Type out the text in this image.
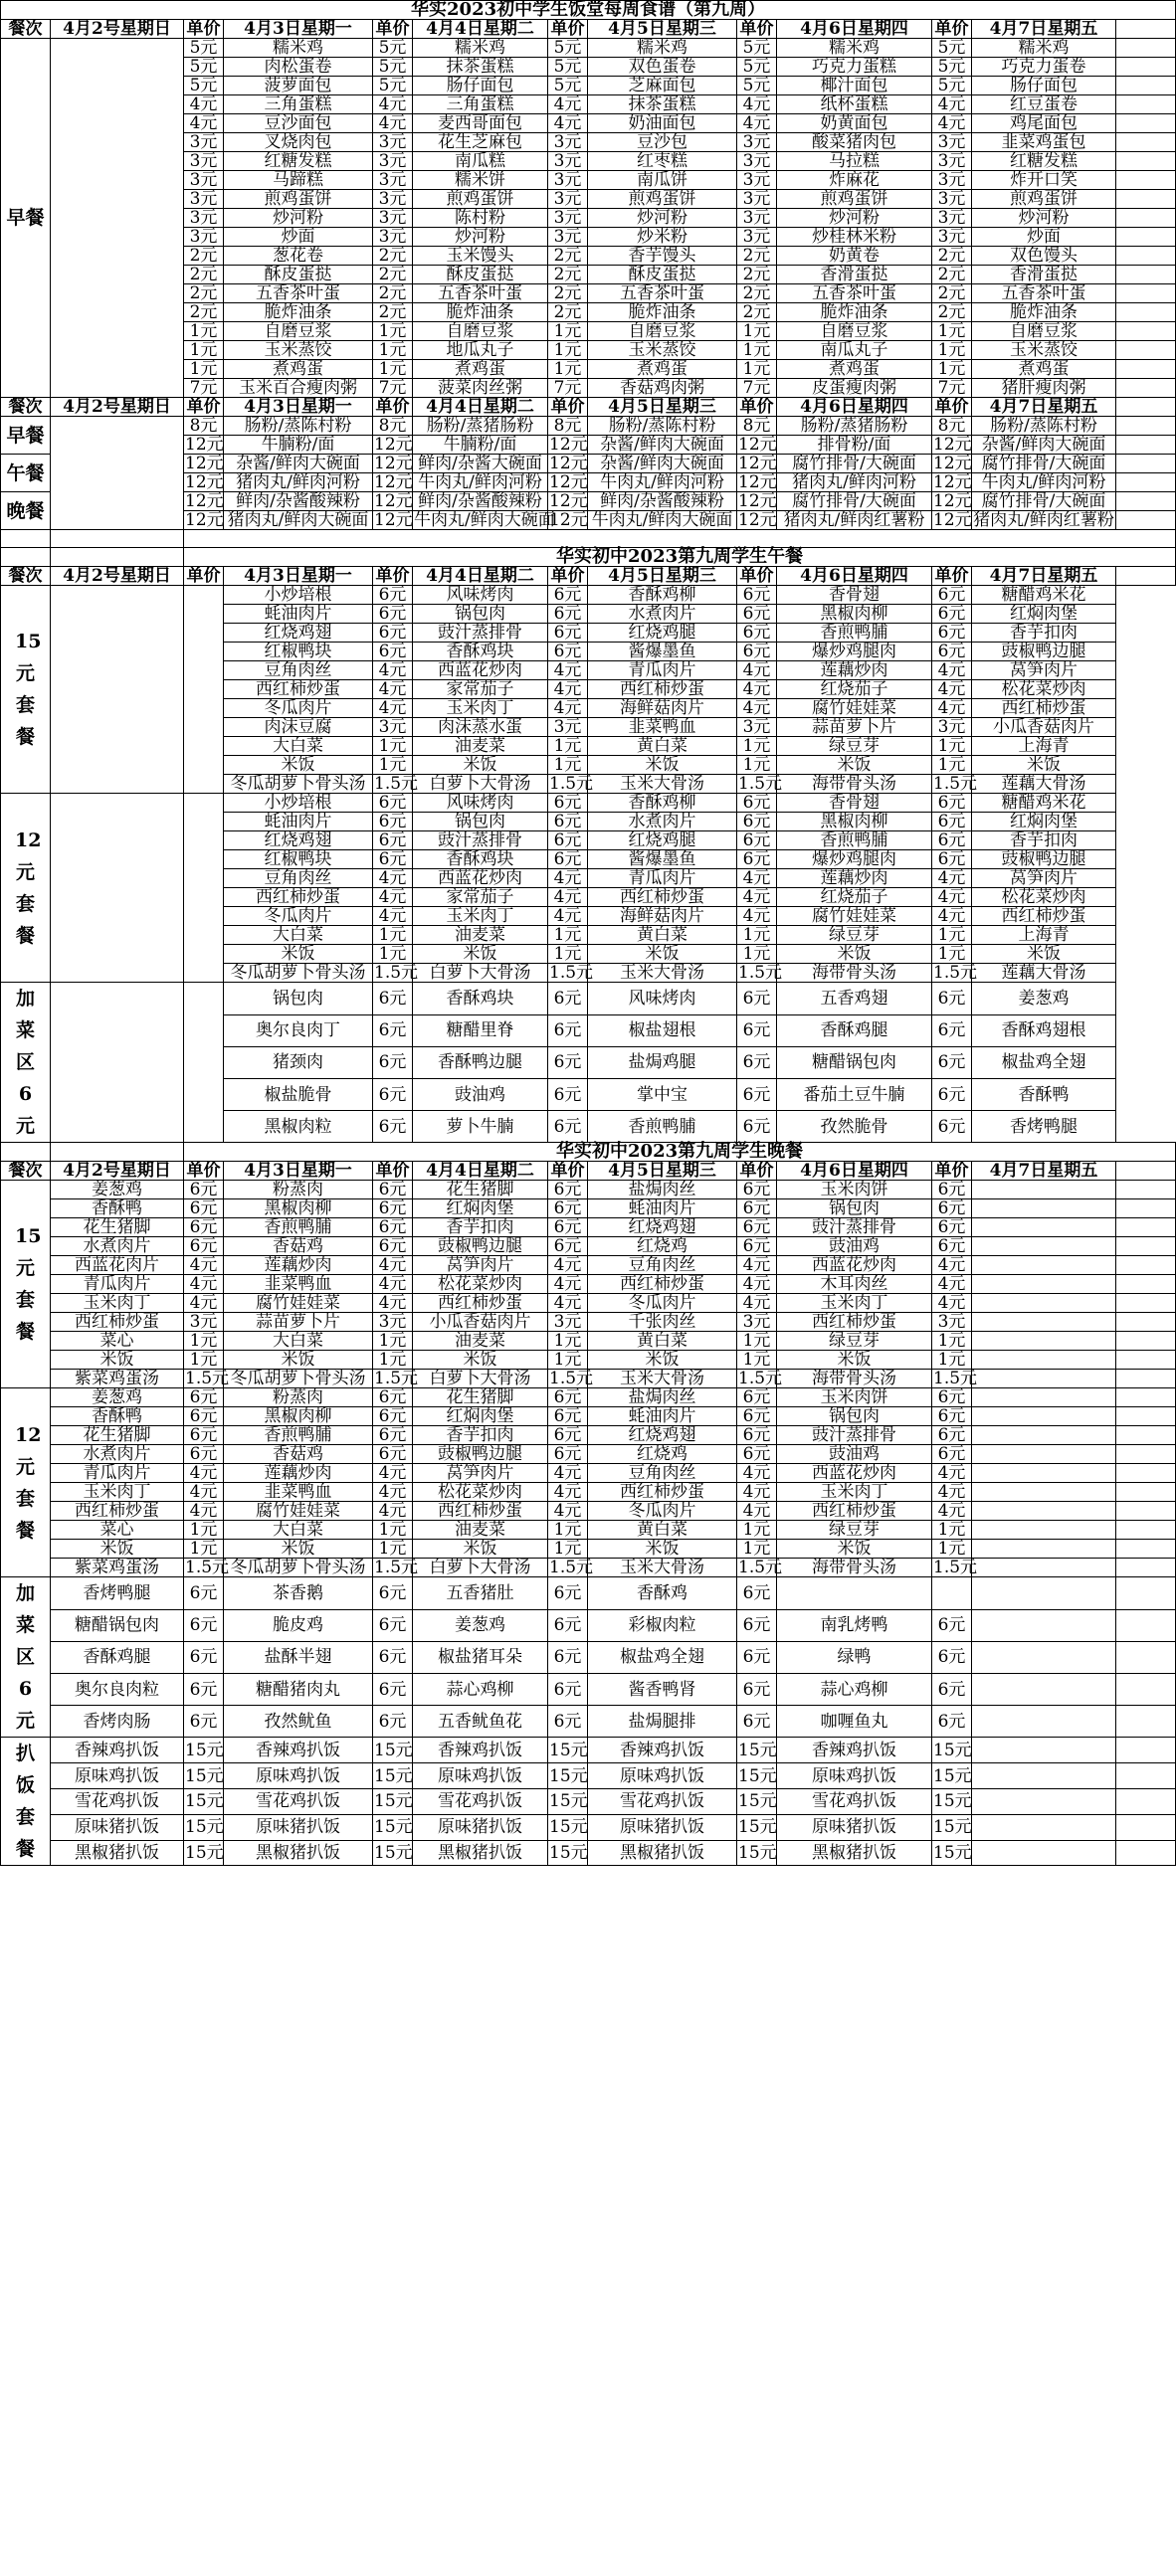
华实2023初中学生饭堂每周食谱（第九周）												
餐次	4月2号星期日	单价	4月3日星期一	单价	4月4日星期二	单价	4月5日星期三	单价	4月6日星期四	单价	4月7日星期五	
早餐		5元	糯米鸡	5元	糯米鸡	5元	糯米鸡	5元	糯米鸡	5元	糯米鸡	
		5元	肉松蛋卷	5元	抹茶蛋糕	5元	双色蛋卷	5元	巧克力蛋糕	5元	巧克力蛋卷	
		5元	菠萝面包	5元	肠仔面包	5元	芝麻面包	5元	椰汁面包	5元	肠仔面包	
		4元	三角蛋糕	4元	三角蛋糕	4元	抹茶蛋糕	4元	纸杯蛋糕	4元	红豆蛋卷	
		4元	豆沙面包	4元	麦西哥面包	4元	奶油面包	4元	奶黄面包	4元	鸡尾面包	
		3元	叉烧肉包	3元	花生芝麻包	3元	豆沙包	3元	酸菜猪肉包	3元	韭菜鸡蛋包	
		3元	红糖发糕	3元	南瓜糕	3元	红枣糕	3元	马拉糕	3元	红糖发糕	
		3元	马蹄糕	3元	糯米饼	3元	南瓜饼	3元	炸麻花	3元	炸开口笑	
		3元	煎鸡蛋饼	3元	煎鸡蛋饼	3元	煎鸡蛋饼	3元	煎鸡蛋饼	3元	煎鸡蛋饼	
		3元	炒河粉	3元	陈村粉	3元	炒河粉	3元	炒河粉	3元	炒河粉	
		3元	炒面	3元	炒河粉	3元	炒米粉	3元	炒桂林米粉	3元	炒面	
		2元	葱花卷	2元	玉米馒头	2元	香芋馒头	2元	奶黄卷	2元	双色馒头	
		2元	酥皮蛋挞	2元	酥皮蛋挞	2元	酥皮蛋挞	2元	香滑蛋挞	2元	香滑蛋挞	
		2元	五香茶叶蛋	2元	五香茶叶蛋	2元	五香茶叶蛋	2元	五香茶叶蛋	2元	五香茶叶蛋	
		2元	脆炸油条	2元	脆炸油条	2元	脆炸油条	2元	脆炸油条	2元	脆炸油条	
		1元	自磨豆浆	1元	自磨豆浆	1元	自磨豆浆	1元	自磨豆浆	1元	自磨豆浆	
		1元	玉米蒸饺	1元	地瓜丸子	1元	玉米蒸饺	1元	南瓜丸子	1元	玉米蒸饺	
		1元	煮鸡蛋	1元	煮鸡蛋	1元	煮鸡蛋	1元	煮鸡蛋	1元	煮鸡蛋	
		7元	玉米百合瘦肉粥	7元	菠菜肉丝粥	7元	香菇鸡肉粥	7元	皮蛋瘦肉粥	7元	猪肝瘦肉粥	
餐次	4月2号星期日	单价	4月3日星期一	单价	4月4日星期二	单价	4月5日星期三	单价	4月6日星期四	单价	4月7日星期五	
早餐		8元	肠粉/蒸陈村粉	8元	肠粉/蒸猪肠粉	8元	肠粉/蒸陈村粉	8元	肠粉/蒸猪肠粉	8元	肠粉/蒸陈村粉	
		12元	牛腩粉/面	12元	牛腩粉/面	12元	杂酱/鲜肉大碗面	12元	排骨粉/面	12元	杂酱/鲜肉大碗面	
午餐		12元	杂酱/鲜肉大碗面	12元	鲜肉/杂酱大碗面	12元	杂酱/鲜肉大碗面	12元	腐竹排骨/大碗面	12元	腐竹排骨/大碗面	
		12元	猪肉丸/鲜肉河粉	12元	牛肉丸/鲜肉河粉	12元	牛肉丸/鲜肉河粉	12元	猪肉丸/鲜肉河粉	12元	牛肉丸/鲜肉河粉	
晚餐		12元	鲜肉/杂酱酸辣粉	12元	鲜肉/杂酱酸辣粉	12元	鲜肉/杂酱酸辣粉	12元	腐竹排骨/大碗面	12元	腐竹排骨/大碗面	
		12元	猪肉丸/鲜肉大碗面	12元	牛肉丸/鲜肉大碗面	12元	牛肉丸/鲜肉大碗面	12元	猪肉丸/鲜肉红薯粉	12元	猪肉丸/鲜肉红薯粉	

		华实初中2023第九周学生午餐										
餐次	4月2号星期日	单价	4月3日星期一	单价	4月4日星期二	单价	4月5日星期三	单价	4月6日星期四	单价	4月7日星期五	
15元套餐			小炒培根	6元	风味烤肉	6元	香酥鸡柳	6元	香骨翅	6元	糖醋鸡米花	
			蚝油肉片	6元	锅包肉	6元	水煮肉片	6元	黑椒肉柳	6元	红焖肉堡	
			红烧鸡翅	6元	豉汁蒸排骨	6元	红烧鸡腿	6元	香煎鸭脯	6元	香芋扣肉	
			红椒鸭块	6元	香酥鸡块	6元	酱爆墨鱼	6元	爆炒鸡腿肉	6元	豉椒鸭边腿	
			豆角肉丝	4元	西蓝花炒肉	4元	青瓜肉片	4元	莲藕炒肉	4元	莴笋肉片	
			西红柿炒蛋	4元	家常茄子	4元	西红柿炒蛋	4元	红烧茄子	4元	松花菜炒肉	
			冬瓜肉片	4元	玉米肉丁	4元	海鲜菇肉片	4元	腐竹娃娃菜	4元	西红柿炒蛋	
			肉沫豆腐	3元	肉沫蒸水蛋	3元	韭菜鸭血	3元	蒜苗萝卜片	3元	小瓜香菇肉片	
			大白菜	1元	油麦菜	1元	黄白菜	1元	绿豆芽	1元	上海青	
			米饭	1元	米饭	1元	米饭	1元	米饭	1元	米饭	
			冬瓜胡萝卜骨头汤	1.5元	白萝卜大骨汤	1.5元	玉米大骨汤	1.5元	海带骨头汤	1.5元	莲藕大骨汤	
12元套餐			小炒培根	6元	风味烤肉	6元	香酥鸡柳	6元	香骨翅	6元	糖醋鸡米花	
			蚝油肉片	6元	锅包肉	6元	水煮肉片	6元	黑椒肉柳	6元	红焖肉堡	
			红烧鸡翅	6元	豉汁蒸排骨	6元	红烧鸡腿	6元	香煎鸭脯	6元	香芋扣肉	
			红椒鸭块	6元	香酥鸡块	6元	酱爆墨鱼	6元	爆炒鸡腿肉	6元	豉椒鸭边腿	
			豆角肉丝	4元	西蓝花炒肉	4元	青瓜肉片	4元	莲藕炒肉	4元	莴笋肉片	
			西红柿炒蛋	4元	家常茄子	4元	西红柿炒蛋	4元	红烧茄子	4元	松花菜炒肉	
			冬瓜肉片	4元	玉米肉丁	4元	海鲜菇肉片	4元	腐竹娃娃菜	4元	西红柿炒蛋	
			大白菜	1元	油麦菜	1元	黄白菜	1元	绿豆芽	1元	上海青	
			米饭	1元	米饭	1元	米饭	1元	米饭	1元	米饭	
			冬瓜胡萝卜骨头汤	1.5元	白萝卜大骨汤	1.5元	玉米大骨汤	1.5元	海带骨头汤	1.5元	莲藕大骨汤	
加菜区6元			锅包肉	6元	香酥鸡块	6元	风味烤肉	6元	五香鸡翅	6元	姜葱鸡	
			奥尔良肉丁	6元	糖醋里脊	6元	椒盐翅根	6元	香酥鸡腿	6元	香酥鸡翅根	
			猪颈肉	6元	香酥鸭边腿	6元	盐焗鸡腿	6元	糖醋锅包肉	6元	椒盐鸡全翅	
			椒盐脆骨	6元	豉油鸡	6元	掌中宝	6元	番茄土豆牛腩	6元	香酥鸭	
			黑椒肉粒	6元	萝卜牛腩	6元	香煎鸭脯	6元	孜然脆骨	6元	香烤鸭腿	
		华实初中2023第九周学生晚餐										
餐次	4月2号星期日	单价	4月3日星期一	单价	4月4日星期二	单价	4月5日星期三	单价	4月6日星期四	单价	4月7日星期五	
15元套餐	姜葱鸡	6元	粉蒸肉	6元	花生猪脚	6元	盐焗肉丝	6元	玉米肉饼	6元		
	香酥鸭	6元	黑椒肉柳	6元	红焖肉堡	6元	蚝油肉片	6元	锅包肉	6元		
	花生猪脚	6元	香煎鸭脯	6元	香芋扣肉	6元	红烧鸡翅	6元	豉汁蒸排骨	6元		
	水煮肉片	6元	香菇鸡	6元	豉椒鸭边腿	6元	红烧鸡	6元	豉油鸡	6元		
	西蓝花肉片	4元	莲藕炒肉	4元	莴笋肉片	4元	豆角肉丝	4元	西蓝花炒肉	4元		
	青瓜肉片	4元	韭菜鸭血	4元	松花菜炒肉	4元	西红柿炒蛋	4元	木耳肉丝	4元		
	玉米肉丁	4元	腐竹娃娃菜	4元	西红柿炒蛋	4元	冬瓜肉片	4元	玉米肉丁	4元		
	西红柿炒蛋	3元	蒜苗萝卜片	3元	小瓜香菇肉片	3元	千张肉丝	3元	西红柿炒蛋	3元		
	菜心	1元	大白菜	1元	油麦菜	1元	黄白菜	1元	绿豆芽	1元		
	米饭	1元	米饭	1元	米饭	1元	米饭	1元	米饭	1元		
	紫菜鸡蛋汤	1.5元	冬瓜胡萝卜骨头汤	1.5元	白萝卜大骨汤	1.5元	玉米大骨汤	1.5元	海带骨头汤	1.5元		
12元套餐	姜葱鸡	6元	粉蒸肉	6元	花生猪脚	6元	盐焗肉丝	6元	玉米肉饼	6元		
	香酥鸭	6元	黑椒肉柳	6元	红焖肉堡	6元	蚝油肉片	6元	锅包肉	6元		
	花生猪脚	6元	香煎鸭脯	6元	香芋扣肉	6元	红烧鸡翅	6元	豉汁蒸排骨	6元		
	水煮肉片	6元	香菇鸡	6元	豉椒鸭边腿	6元	红烧鸡	6元	豉油鸡	6元		
	青瓜肉片	4元	莲藕炒肉	4元	莴笋肉片	4元	豆角肉丝	4元	西蓝花炒肉	4元		
	玉米肉丁	4元	韭菜鸭血	4元	松花菜炒肉	4元	西红柿炒蛋	4元	玉米肉丁	4元		
	西红柿炒蛋	4元	腐竹娃娃菜	4元	西红柿炒蛋	4元	冬瓜肉片	4元	西红柿炒蛋	4元		
	菜心	1元	大白菜	1元	油麦菜	1元	黄白菜	1元	绿豆芽	1元		
	米饭	1元	米饭	1元	米饭	1元	米饭	1元	米饭	1元		
	紫菜鸡蛋汤	1.5元	冬瓜胡萝卜骨头汤	1.5元	白萝卜大骨汤	1.5元	玉米大骨汤	1.5元	海带骨头汤	1.5元		
加菜区6元	香烤鸭腿	6元	茶香鹅	6元	五香猪肚	6元	香酥鸡	6元				
	糖醋锅包肉	6元	脆皮鸡	6元	姜葱鸡	6元	彩椒肉粒	6元	南乳烤鸭	6元		
	香酥鸡腿	6元	盐酥半翅	6元	椒盐猪耳朵	6元	椒盐鸡全翅	6元	绿鸭	6元		
	奥尔良肉粒	6元	糖醋猪肉丸	6元	蒜心鸡柳	6元	酱香鸭肾	6元	蒜心鸡柳	6元		
	香烤肉肠	6元	孜然鱿鱼	6元	五香鱿鱼花	6元	盐焗腿排	6元	咖喱鱼丸	6元		
扒饭套餐	香辣鸡扒饭	15元	香辣鸡扒饭	15元	香辣鸡扒饭	15元	香辣鸡扒饭	15元	香辣鸡扒饭	15元		
	原味鸡扒饭	15元	原味鸡扒饭	15元	原味鸡扒饭	15元	原味鸡扒饭	15元	原味鸡扒饭	15元		
	雪花鸡扒饭	15元	雪花鸡扒饭	15元	雪花鸡扒饭	15元	雪花鸡扒饭	15元	雪花鸡扒饭	15元		
	原味猪扒饭	15元	原味猪扒饭	15元	原味猪扒饭	15元	原味猪扒饭	15元	原味猪扒饭	15元		
	黑椒猪扒饭	15元	黑椒猪扒饭	15元	黑椒猪扒饭	15元	黑椒猪扒饭	15元	黑椒猪扒饭	15元		
